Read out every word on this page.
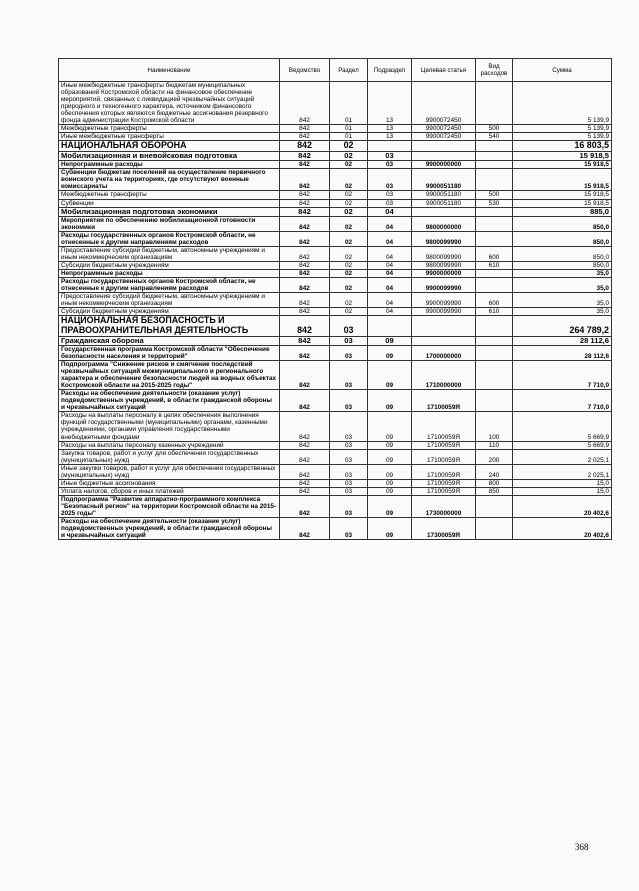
Наименование	Ведомство	Раздел	Подраздел	Целевая статья	Вид расходов	Сумма
Иные межбюджетные трансферты бюджетам муниципальных образований Костромской области на финансовое обеспечение мероприятий, связанных с ликвидацией чрезвычайных ситуаций природного и техногенного характера, источником финансового обеспечения которых являются бюджетные ассигнования резервного фонда администрации Костромской области	842	01	13	9900072450		5 139,9
Межбюджетные трансферты	842	01	13	9900072450	500	5 139,9
Иные межбюджетные трансферты	842	01	13	9900072450	540	5 139,9
НАЦИОНАЛЬНАЯ ОБОРОНА	842	02				16 803,5
Мобилизационная и вневойсковая подготовка	842	02	03			15 918,5
Непрограммные расходы	842	02	03	9900000000		15 918,5
Субвенции бюджетам поселений на осуществление первичного воинского учета на территориях, где отсутствуют военные комиссариаты	842	02	03	9900051180		15 918,5
Межбюджетные трансферты	842	02	03	9900051180	500	15 918,5
Субвенции	842	02	03	9900051180	530	15 918,5
Мобилизационная подготовка экономики	842	02	04			885,0
Мероприятия по обеспечению мобилизационной готовности экономики	842	02	04	9800000000		850,0
Расходы государственных органов Костромской области, не отнесенные к другим направлениям расходов	842	02	04	9800099990		850,0
Предоставление субсидий бюджетным, автономным учреждениям и иным некоммерческим организациям	842	02	04	9800099990	600	850,0
Субсидии бюджетным учреждениям	842	02	04	9800099990	610	850,0
Непрограммные расходы	842	02	04	9900000000		35,0
Расходы государственных органов Костромской области, не отнесенные к другим направлениям расходов	842	02	04	9900099990		35,0
Предоставление субсидий бюджетным, автономным учреждениям и иным некоммерческим организациям	842	02	04	9900099990	600	35,0
Субсидии бюджетным учреждениям	842	02	04	9900099990	610	35,0
НАЦИОНАЛЬНАЯ БЕЗОПАСНОСТЬ И ПРАВООХРАНИТЕЛЬНАЯ ДЕЯТЕЛЬНОСТЬ	842	03				264 789,2
Гражданская оборона	842	03	09			28 112,6
Государственная программа Костромской области "Обеспечение безопасности населения и территорий"	842	03	09	1700000000		28 112,6
Подпрограмма "Снижение рисков и смягчение последствий чрезвычайных ситуаций межмуниципального и регионального характера и обеспечение безопасности людей на водных объектах Костромской области на 2015-2025 годы"	842	03	09	1710000000		7 710,0
Расходы на обеспечение деятельности (оказание услуг) подведомственных учреждений, в области гражданской обороны и чрезвычайных ситуаций	842	03	09	17100059Я		7 710,0
Расходы на выплаты персоналу в целях обеспечения выполнения функций государственными (муниципальными) органами, казенными учреждениями, органами управления государственными внебюджетными фондами	842	03	09	17100059Я	100	5 669,9
Расходы на выплаты персоналу казенных учреждений	842	03	09	17100059Я	110	5 669,9
Закупка товаров, работ и услуг для обеспечения государственных (муниципальных) нужд	842	03	09	17100059Я	200	2 025,1
Иные закупки товаров, работ и услуг для обеспечения государственных (муниципальных) нужд	842	03	09	17100059Я	240	2 025,1
Иные бюджетные ассигнования	842	03	09	17100059Я	800	15,0
Уплата налогов, сборов и иных платежей	842	03	09	17100059Я	850	15,0
Подпрограмма "Развитие аппаратно-программного комплекса "Безопасный регион" на территории Костромской области на 2015-2025 годы"	842	03	09	1730000000		20 402,6
Расходы на обеспечение деятельности (оказание услуг) подведомственных учреждений, в области гражданской обороны и чрезвычайных ситуаций	842	03	09	17300059Я		20 402,6
368
